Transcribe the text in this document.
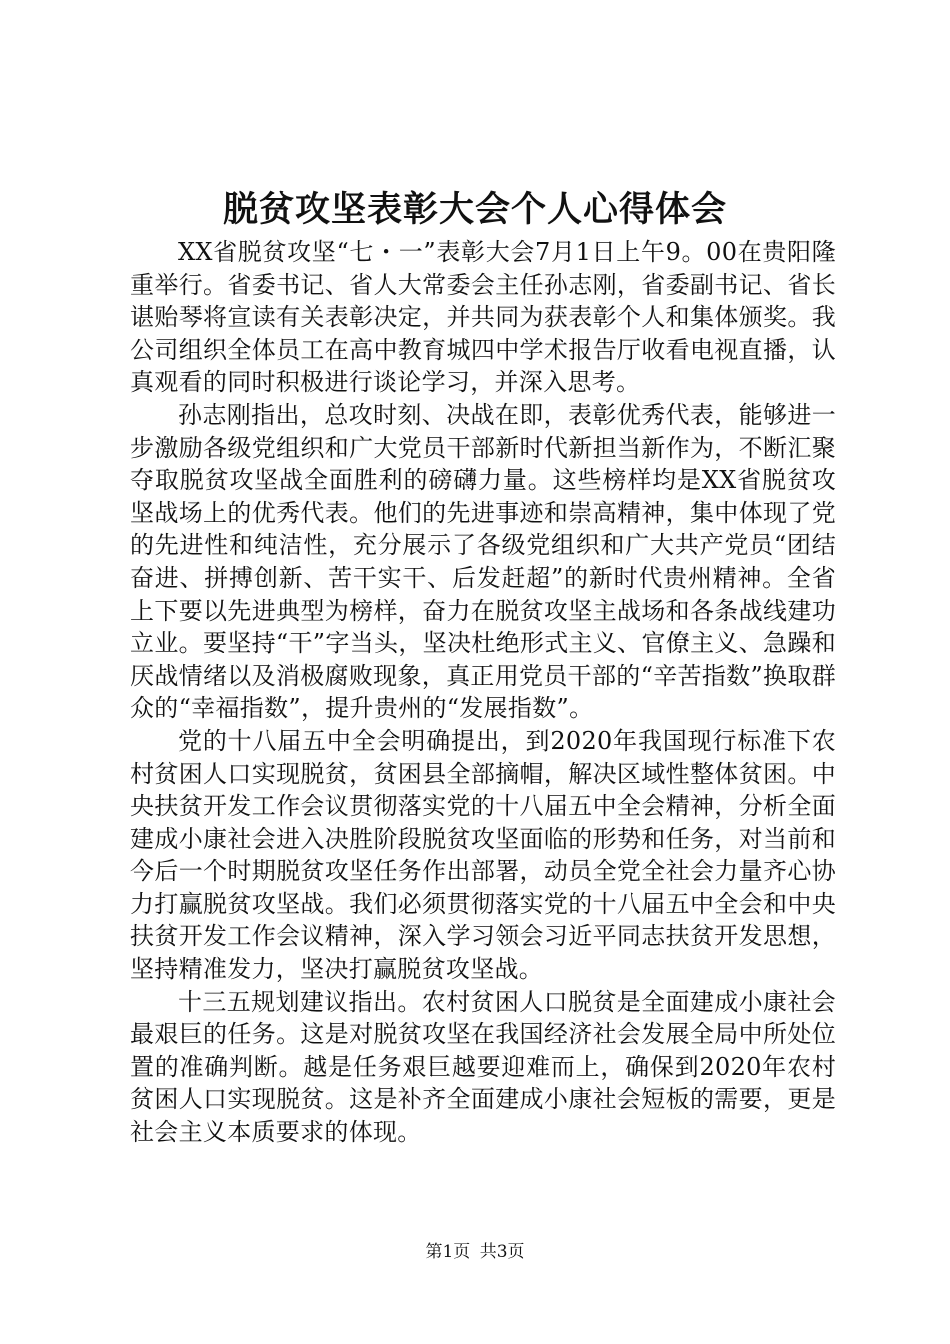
脱贫攻坚表彰大会个人心得体会

XX省脱贫攻坚“七・一”表彰大会7月1日上午9。00在贵阳隆重举行。省委书记、省人大常委会主任孙志刚，省委副书记、省长谌贻琴将宣读有关表彰决定，并共同为获表彰个人和集体颁奖。我公司组织全体员工在高中教育城四中学术报告厅收看电视直播，认真观看的同时积极进行谈论学习，并深入思考。

孙志刚指出，总攻时刻、决战在即，表彰优秀代表，能够进一步激励各级党组织和广大党员干部新时代新担当新作为，不断汇聚夺取脱贫攻坚战全面胜利的磅礴力量。这些榜样均是XX省脱贫攻坚战场上的优秀代表。他们的先进事迹和崇高精神，集中体现了党的先进性和纯洁性，充分展示了各级党组织和广大共产党员“团结奋进、拼搏创新、苦干实干、后发赶超”的新时代贵州精神。全省上下要以先进典型为榜样，奋力在脱贫攻坚主战场和各条战线建功立业。要坚持“干”字当头，坚决杜绝形式主义、官僚主义、急躁和厌战情绪以及消极腐败现象，真正用党员干部的“辛苦指数”换取群众的“幸福指数”，提升贵州的“发展指数”。

党的十八届五中全会明确提出，到2020年我国现行标准下农村贫困人口实现脱贫，贫困县全部摘帽，解决区域性整体贫困。中央扶贫开发工作会议贯彻落实党的十八届五中全会精神，分析全面建成小康社会进入决胜阶段脱贫攻坚面临的形势和任务，对当前和今后一个时期脱贫攻坚任务作出部署，动员全党全社会力量齐心协力打赢脱贫攻坚战。我们必须贯彻落实党的十八届五中全会和中央扶贫开发工作会议精神，深入学习领会习近平同志扶贫开发思想，坚持精准发力，坚决打赢脱贫攻坚战。

十三五规划建议指出。农村贫困人口脱贫是全面建成小康社会最艰巨的任务。这是对脱贫攻坚在我国经济社会发展全局中所处位置的准确判断。越是任务艰巨越要迎难而上，确保到2020年农村贫困人口实现脱贫。这是补齐全面建成小康社会短板的需要，更是社会主义本质要求的体现。

第1页 共3页
